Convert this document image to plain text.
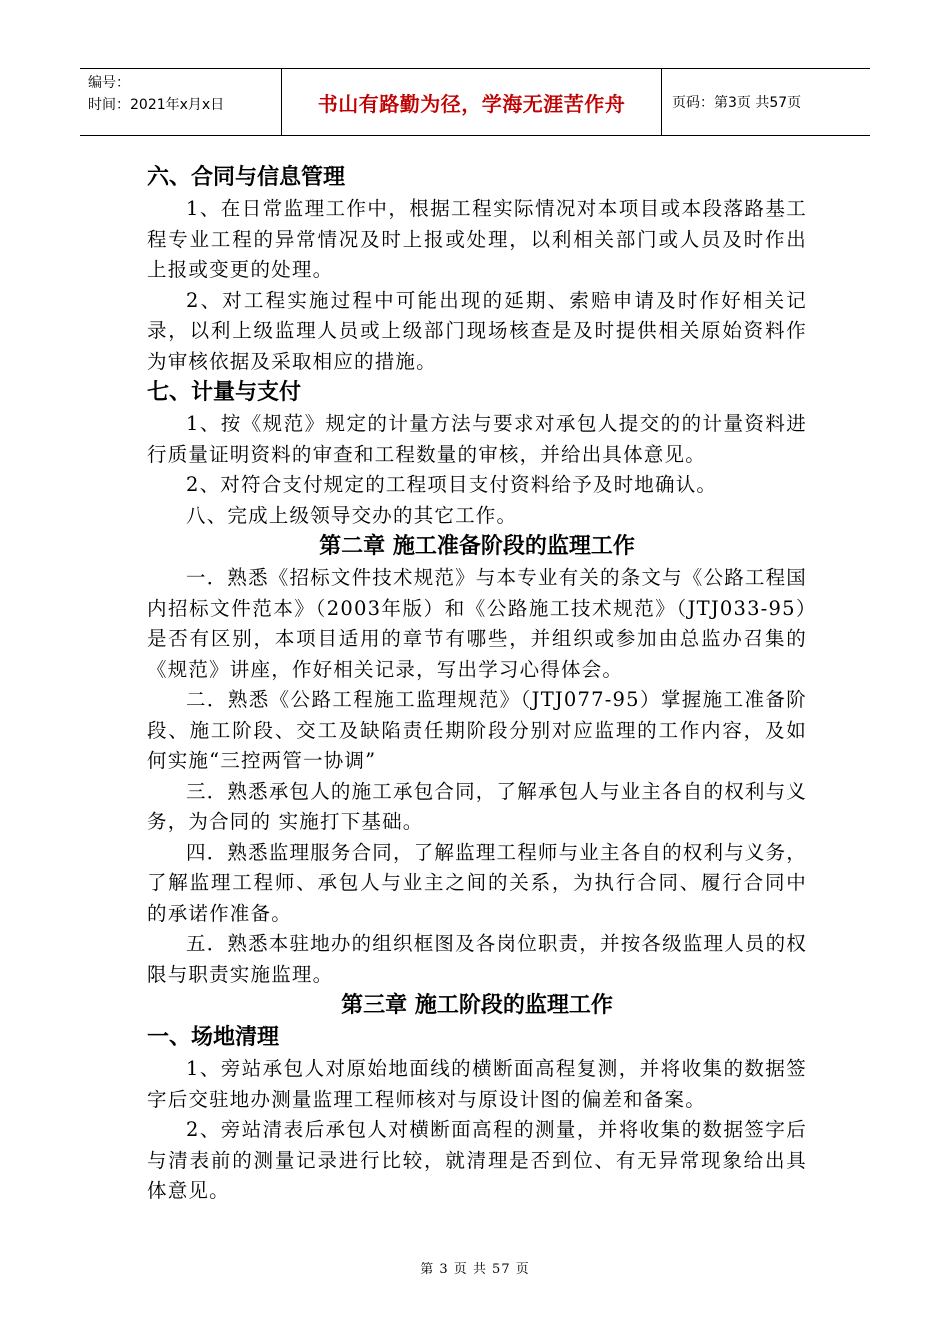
编号：
时间：2021年x月x日	书山有路勤为径，学海无涯苦作舟	页码：第3页 共57页
六、合同与信息管理

1、在日常监理工作中，根据工程实际情况对本项目或本段落路基工程专业工程的异常情况及时上报或处理，以利相关部门或人员及时作出上报或变更的处理。

2、对工程实施过程中可能出现的延期、索赔申请及时作好相关记录，以利上级监理人员或上级部门现场核查是及时提供相关原始资料作为审核依据及采取相应的措施。

七、计量与支付

1、按《规范》规定的计量方法与要求对承包人提交的的计量资料进行质量证明资料的审查和工程数量的审核，并给出具体意见。

2、对符合支付规定的工程项目支付资料给予及时地确认。

八、完成上级领导交办的其它工作。

第二章 施工准备阶段的监理工作

一．熟悉《招标文件技术规范》与本专业有关的条文与《公路工程国内招标文件范本》（2003年版）和《公路施工技术规范》（JTJ033-95）是否有区别，本项目适用的章节有哪些，并组织或参加由总监办召集的《规范》讲座，作好相关记录，写出学习心得体会。

二．熟悉《公路工程施工监理规范》（JTJ077-95）掌握施工准备阶段、施工阶段、交工及缺陷责任期阶段分别对应监理的工作内容，及如何实施“三控两管一协调”

三．熟悉承包人的施工承包合同，了解承包人与业主各自的权利与义务，为合同的 实施打下基础。

四．熟悉监理服务合同，了解监理工程师与业主各自的权利与义务，了解监理工程师、承包人与业主之间的关系，为执行合同、履行合同中的承诺作准备。

五．熟悉本驻地办的组织框图及各岗位职责，并按各级监理人员的权限与职责实施监理。

第三章 施工阶段的监理工作
一、场地清理

1、旁站承包人对原始地面线的横断面高程复测，并将收集的数据签字后交驻地办测量监理工程师核对与原设计图的偏差和备案。

2、旁站清表后承包人对横断面高程的测量，并将收集的数据签字后与清表前的测量记录进行比较，就清理是否到位、有无异常现象给出具体意见。

第 3 页 共 57 页
